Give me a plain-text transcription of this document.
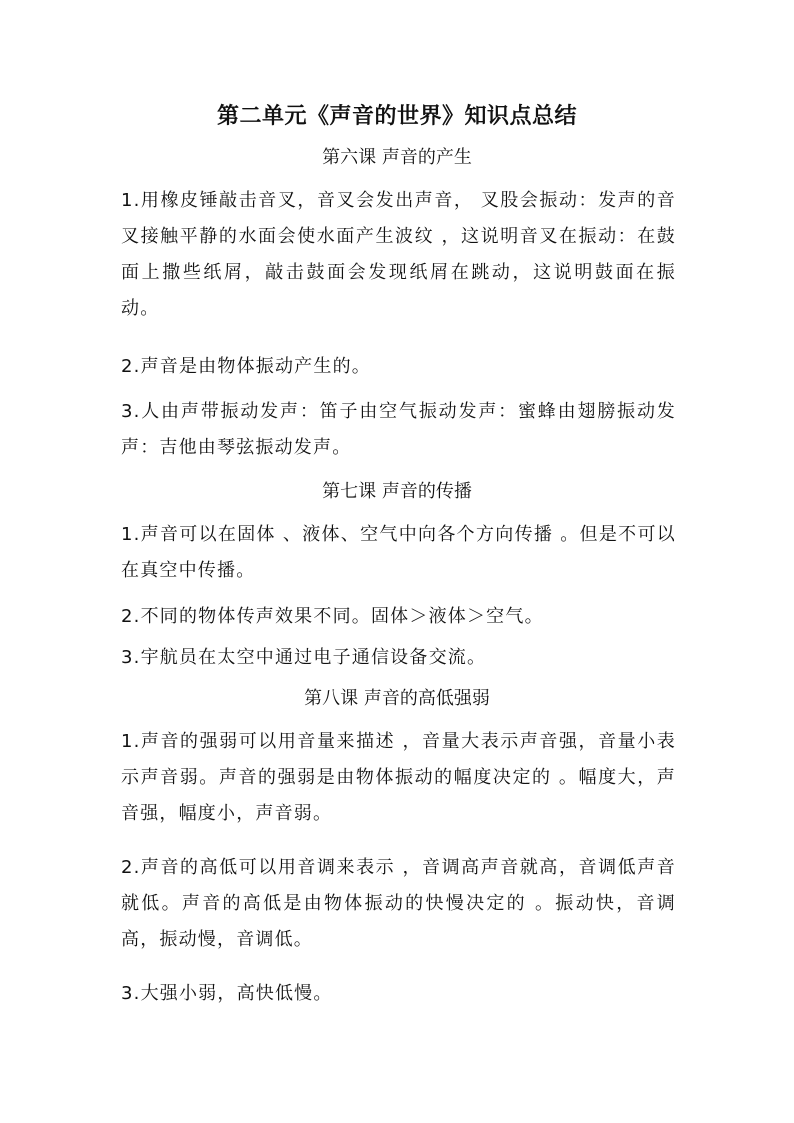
第二单元《声音的世界》知识点总结
第六课 声音的产生

1.用橡皮锤敲击音叉，音叉会发出声音， 叉股会振动：发声的音叉接触平静的水面会使水面产生波纹 ，这说明音叉在振动：在鼓面上撒些纸屑，敲击鼓面会发现纸屑在跳动，这说明鼓面在振动。

2.声音是由物体振动产生的。

3.人由声带振动发声：笛子由空气振动发声：蜜蜂由翅膀振动发声：吉他由琴弦振动发声。

第七课 声音的传播

1.声音可以在固体 、液体、空气中向各个方向传播 。但是不可以在真空中传播。

2.不同的物体传声效果不同。固体＞液体＞空气。

3.宇航员在太空中通过电子通信设备交流。

第八课 声音的高低强弱

1.声音的强弱可以用音量来描述 ，音量大表示声音强，音量小表示声音弱。声音的强弱是由物体振动的幅度决定的 。幅度大，声音强，幅度小，声音弱。

2.声音的高低可以用音调来表示 ，音调高声音就高，音调低声音就低。声音的高低是由物体振动的快慢决定的 。振动快，音调高，振动慢，音调低。

3.大强小弱，高快低慢。
